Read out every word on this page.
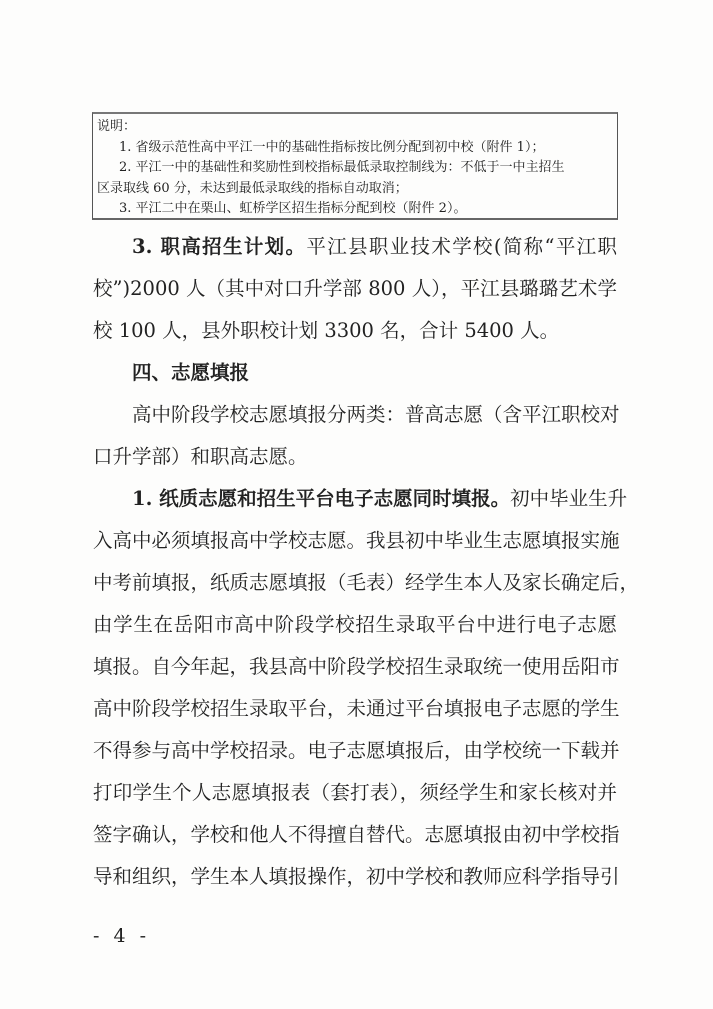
说明：
1. 省级示范性高中平江一中的基础性指标按比例分配到初中校（附件 1）；
2. 平江一中的基础性和奖励性到校指标最低录取控制线为：不低于一中主招生
区录取线 60 分，未达到最低录取线的指标自动取消；
3. 平江二中在栗山、虹桥学区招生指标分配到校（附件 2）。
3. 职高招生计划。平江县职业技术学校(简称“平江职
校”)2000 人（其中对口升学部 800 人），平江县璐璐艺术学
校 100 人，县外职校计划 3300 名，合计 5400 人。
四、志愿填报
高中阶段学校志愿填报分两类：普高志愿（含平江职校对
口升学部）和职高志愿。
1. 纸质志愿和招生平台电子志愿同时填报。初中毕业生升
入高中必须填报高中学校志愿。我县初中毕业生志愿填报实施
中考前填报，纸质志愿填报（毛表）经学生本人及家长确定后，
由学生在岳阳市高中阶段学校招生录取平台中进行电子志愿
填报。自今年起，我县高中阶段学校招生录取统一使用岳阳市
高中阶段学校招生录取平台，未通过平台填报电子志愿的学生
不得参与高中学校招录。电子志愿填报后，由学校统一下载并
打印学生个人志愿填报表（套打表），须经学生和家长核对并
签字确认，学校和他人不得擅自替代。志愿填报由初中学校指
导和组织，学生本人填报操作，初中学校和教师应科学指导引
- 4 -
